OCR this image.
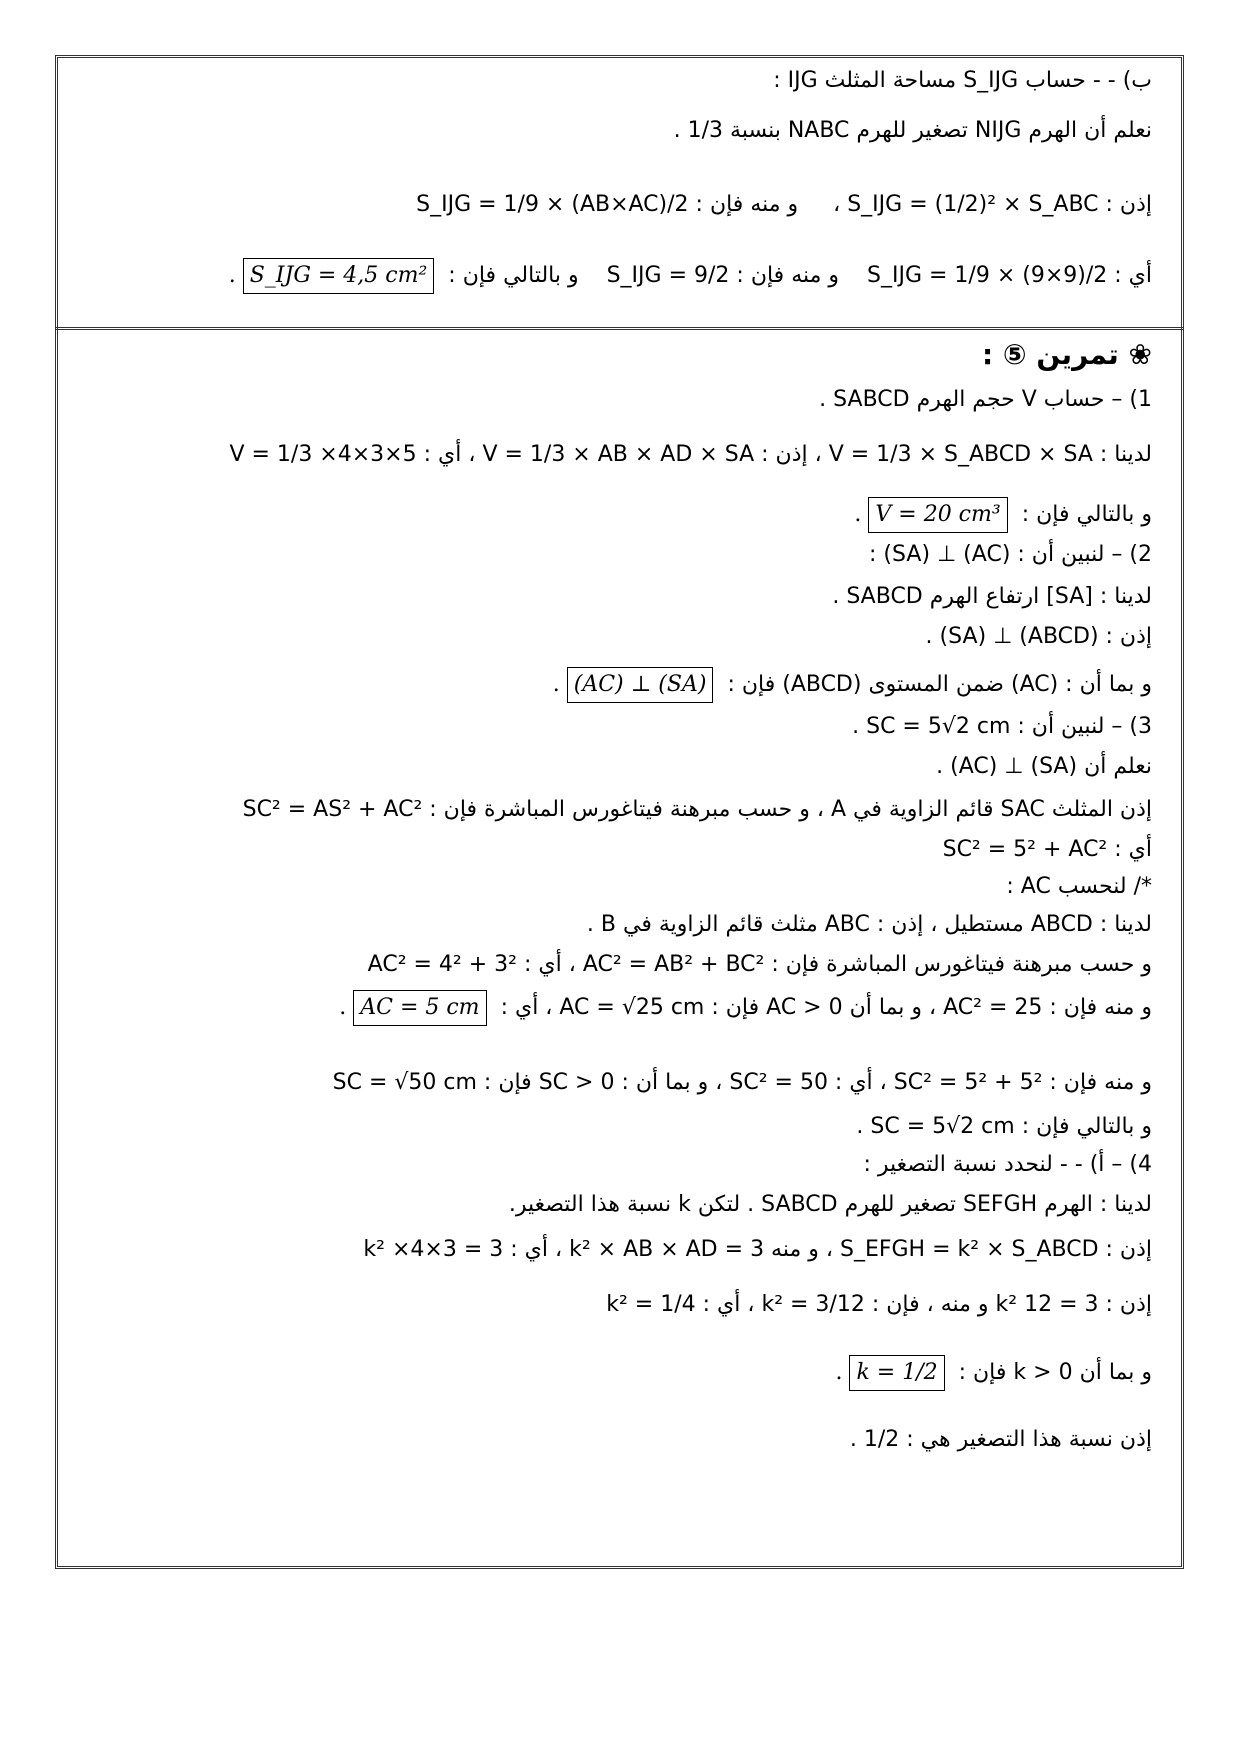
ب) - - حساب S_IJG مساحة المثلث IJG :
نعلم أن الهرم NIJG تصغير للهرم NABC بنسبة 1/3 .
إذن : S_IJG = (1/2)² × S_ABC ،     و منه فإن : S_IJG = 1/9 × (AB×AC)/2
أي : S_IJG = 1/9 × (9×9)/2    و منه فإن : S_IJG = 9/2    و بالتالي فإن :  S_IJG = 4,5 cm² .
❀ تمرين ⑤ :
1) – حساب V حجم الهرم SABCD .
لدينا : V = 1/3 × S_ABCD × SA ، إذن : V = 1/3 × AB × AD × SA ، أي : V = 1/3 ×4×3×5
و بالتالي فإن :  V = 20 cm³ .
2) – لنبين أن : (AC) ⊥ (SA) :
لدينا : [SA] ارتفاع الهرم SABCD .
إذن : (ABCD) ⊥ (SA) .
و بما أن : (AC) ضمن المستوى (ABCD) فإن :  (SA) ⊥ (AC) .
3) – لنبين أن : SC = 5√2 cm .
نعلم أن (SA) ⊥ (AC) .
إذن المثلث SAC قائم الزاوية في A ، و حسب مبرهنة فيتاغورس المباشرة فإن : SC² = AS² + AC²
أي : SC² = 5² + AC²
*/ لنحسب AC :
لدينا : ABCD مستطيل ، إذن : ABC مثلث قائم الزاوية في B .
و حسب مبرهنة فيتاغورس المباشرة فإن : AC² = AB² + BC² ، أي : AC² = 4² + 3²
و منه فإن : AC² = 25 ، و بما أن AC > 0 فإن : AC = √25 cm ، أي :  AC = 5 cm .
و منه فإن : SC² = 5² + 5² ، أي : SC² = 50 ، و بما أن : SC > 0 فإن : SC = √50 cm
و بالتالي فإن : SC = 5√2 cm .
4) – أ) - - لنحدد نسبة التصغير :
لدينا : الهرم SEFGH تصغير للهرم SABCD . لتكن k نسبة هذا التصغير.
إذن : S_EFGH = k² × S_ABCD ، و منه 3 = k² × AB × AD ، أي : 3 = k² ×4×3
إذن : 3 = 12 k² و منه ، فإن : k² = 3/12 ، أي : k² = 1/4
و بما أن k > 0 فإن :  k = 1/2 .
إذن نسبة هذا التصغير هي : 1/2 .
